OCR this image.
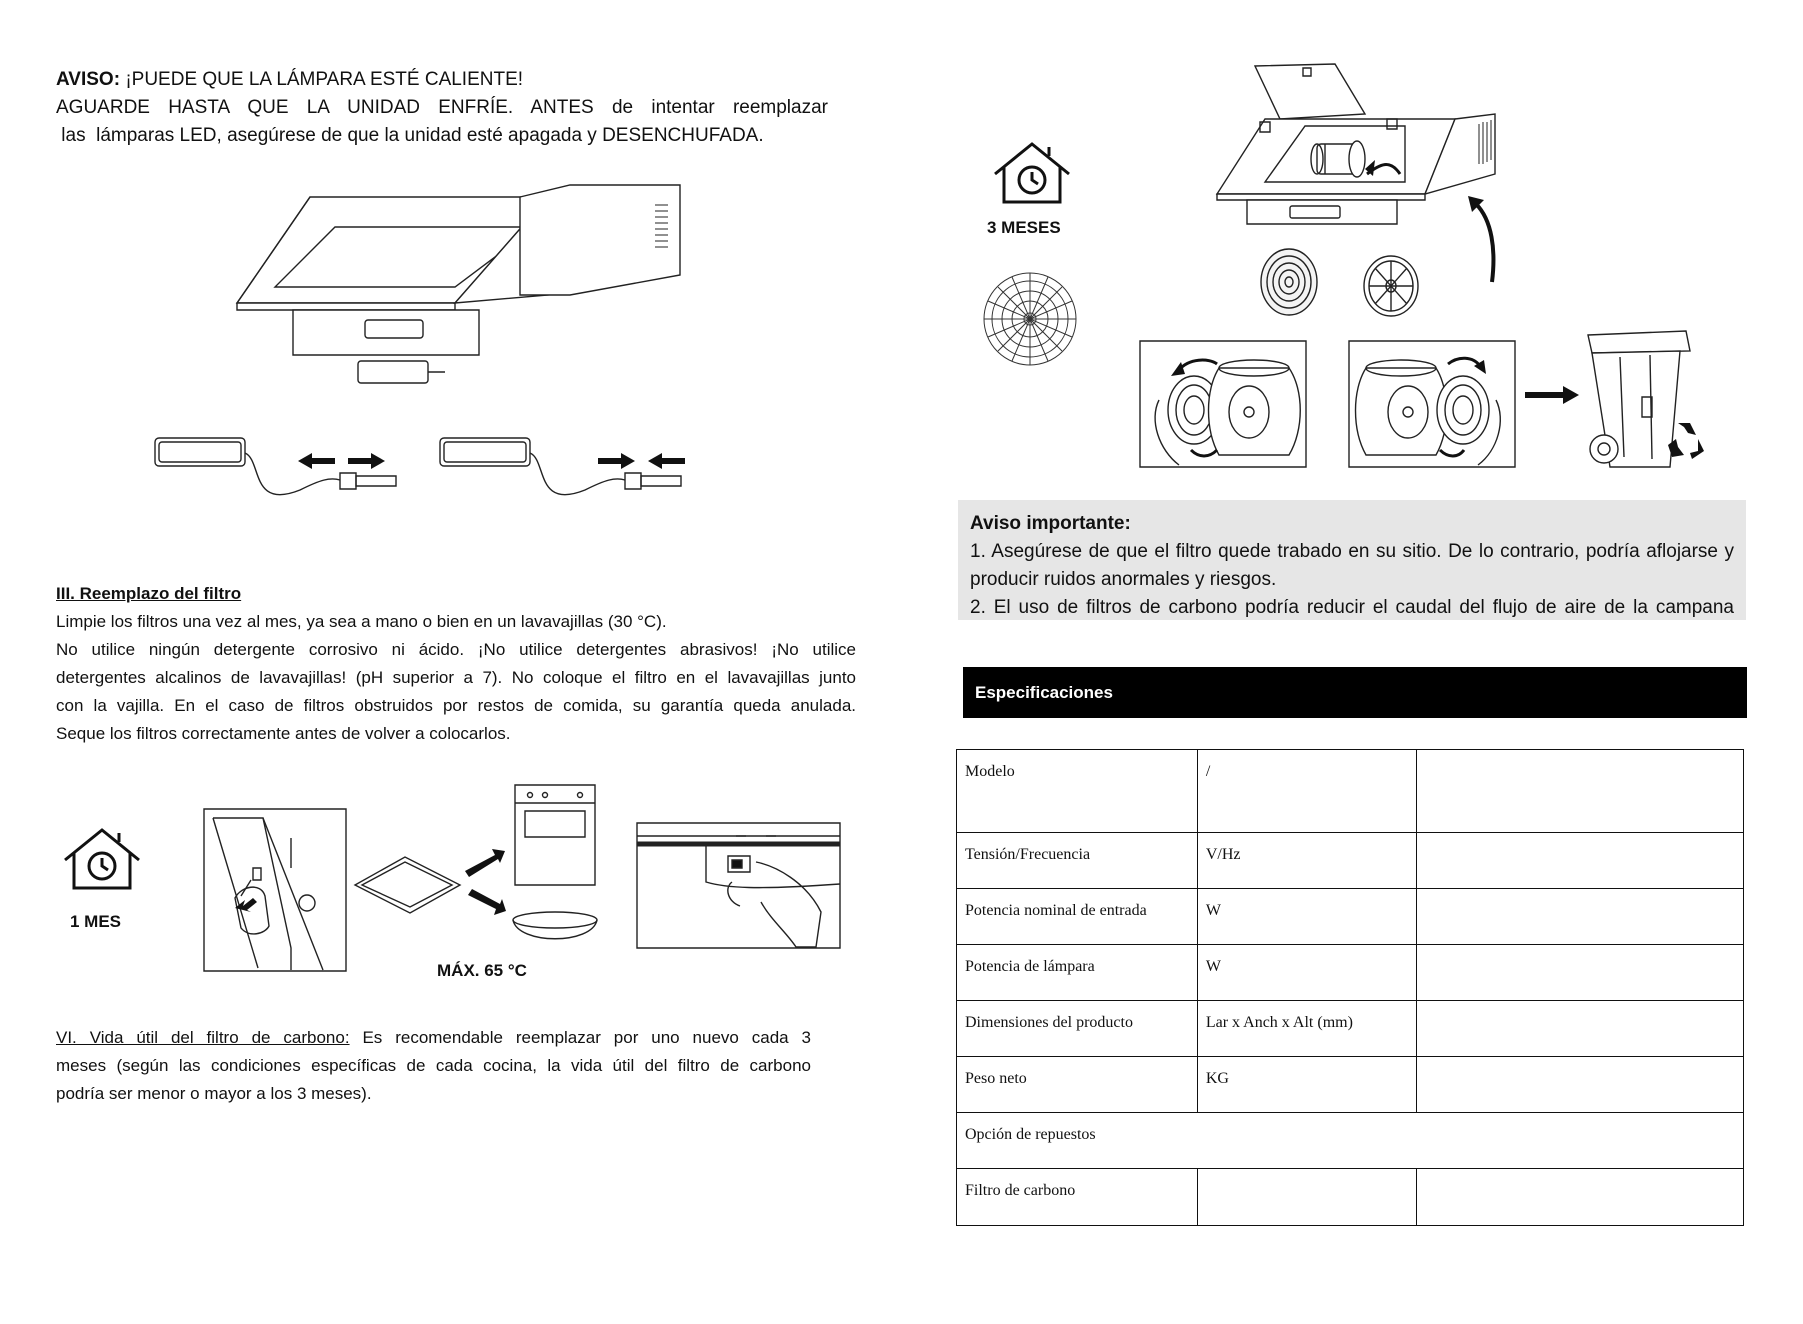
AVISO: ¡PUEDE QUE LA LÁMPARA ESTÉ CALIENTE!
AGUARDE HASTA QUE LA UNIDAD ENFRÍE. ANTES de intentar reemplazar
las  lámparas LED, asegúrese de que la unidad esté apagada y DESENCHUFADA.
III. Reemplazo del filtro
Limpie los filtros una vez al mes, ya sea a mano o bien en un lavavajillas (30 °C).
No utilice ningún detergente corrosivo ni ácido. ¡No utilice detergentes abrasivos! ¡No utilice
detergentes alcalinos de lavavajillas! (pH superior a 7). No coloque el filtro en el lavavajillas junto
con la vajilla. En el caso de filtros obstruidos por restos de comida, su garantía queda anulada.
Seque los filtros correctamente antes de volver a colocarlos.
1 MES
MÁX. 65 °C
VI. Vida útil del filtro de carbono: Es recomendable reemplazar por uno nuevo cada 3
meses (según las condiciones específicas de cada cocina, la vida útil del filtro de carbono
podría ser menor o mayor a los 3 meses).
3 MESES
Aviso importante:
1. Asegúrese de que el filtro quede trabado en su sitio. De lo contrario, podría aflojarse y
producir ruidos anormales y riesgos.
2. El uso de filtros de carbono podría reducir el caudal del flujo de aire de la campana
Especificaciones
Modelo	/	
Tensión/Frecuencia	V/Hz	
Potencia nominal de entrada	W	
Potencia de lámpara	W	
Dimensiones del producto	Lar x Anch x Alt (mm)	
Peso neto	KG	
Opción de repuestos		
Filtro de carbono		
